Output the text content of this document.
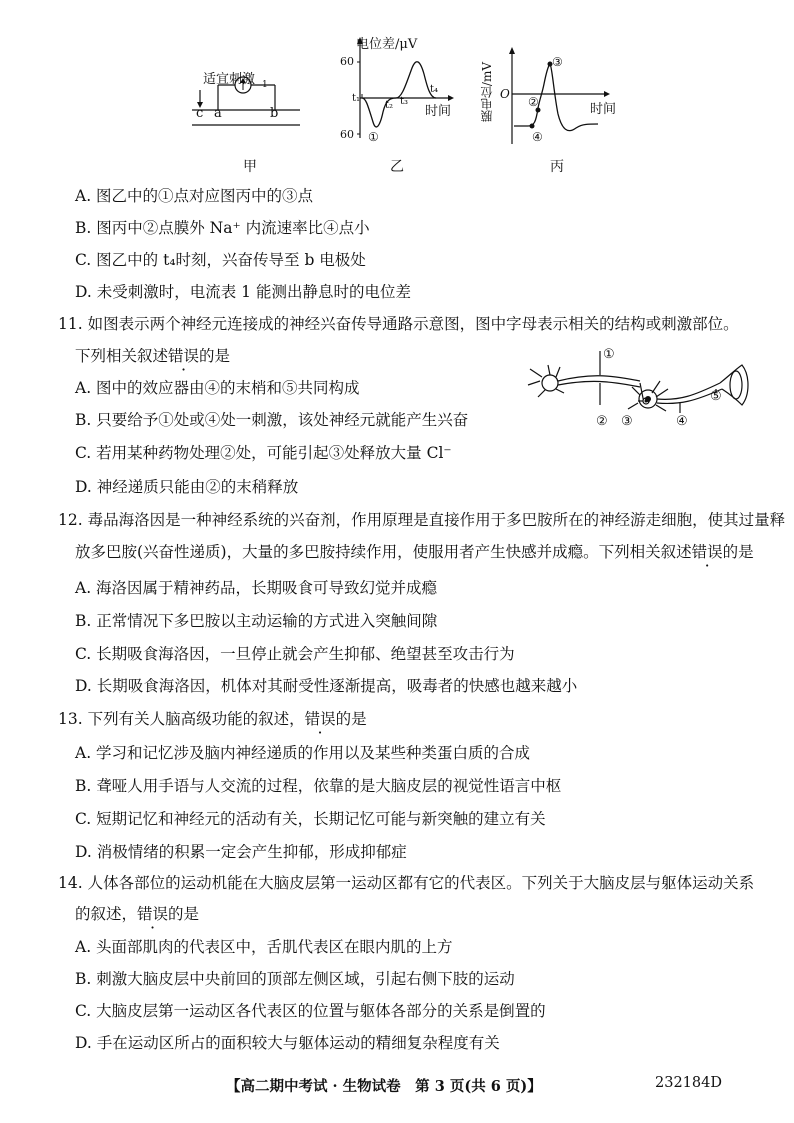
适宜刺激
c a	b
甲
1
电位差/μV
60
60
t₁
t₂ t₃
t₄
时间
①
乙
膜电位/mV O
时间
②
③
④
丙
A. 图乙中的①点对应图丙中的③点
B. 图丙中②点膜外 Na⁺ 内流速率比④点小
C. 图乙中的 t₄时刻，兴奋传导至 b 电极处
D. 未受刺激时，电流表 1 能测出静息时的电位差
11. 如图表示两个神经元连接成的神经兴奋传导通路示意图，图中字母表示相关的结构或刺激部位。
下列相关叙述错误的是
A. 图中的效应器由④的末梢和⑤共同构成
B. 只要给予①处或④处一刺激，该处神经元就能产生兴奋
C. 若用某种药物处理②处，可能引起③处释放大量 Cl⁻
D. 神经递质只能由②的末稍释放
①
② ③	④
⑤
12. 毒品海洛因是一种神经系统的兴奋剂，作用原理是直接作用于多巴胺所在的神经游走细胞，使其过量释
放多巴胺(兴奋性递质)，大量的多巴胺持续作用，使服用者产生快感并成瘾。下列相关叙述错误的是
A. 海洛因属于精神药品，长期吸食可导致幻觉并成瘾
B. 正常情况下多巴胺以主动运输的方式进入突触间隙
C. 长期吸食海洛因，一旦停止就会产生抑郁、绝望甚至攻击行为
D. 长期吸食海洛因，机体对其耐受性逐渐提高，吸毒者的快感也越来越小
13. 下列有关人脑高级功能的叙述，错误的是
A. 学习和记忆涉及脑内神经递质的作用以及某些种类蛋白质的合成
B. 聋哑人用手语与人交流的过程，依靠的是大脑皮层的视觉性语言中枢
C. 短期记忆和神经元的活动有关，长期记忆可能与新突触的建立有关
D. 消极情绪的积累一定会产生抑郁，形成抑郁症
14. 人体各部位的运动机能在大脑皮层第一运动区都有它的代表区。下列关于大脑皮层与躯体运动关系
的叙述，错误的是
A. 头面部肌肉的代表区中，舌肌代表区在眼内肌的上方
B. 刺激大脑皮层中央前回的顶部左侧区域，引起右侧下肢的运动
C. 大脑皮层第一运动区各代表区的位置与躯体各部分的关系是倒置的
D. 手在运动区所占的面积较大与躯体运动的精细复杂程度有关
【高二期中考试 · 生物试卷　第 3 页(共 6 页)】	232184D
